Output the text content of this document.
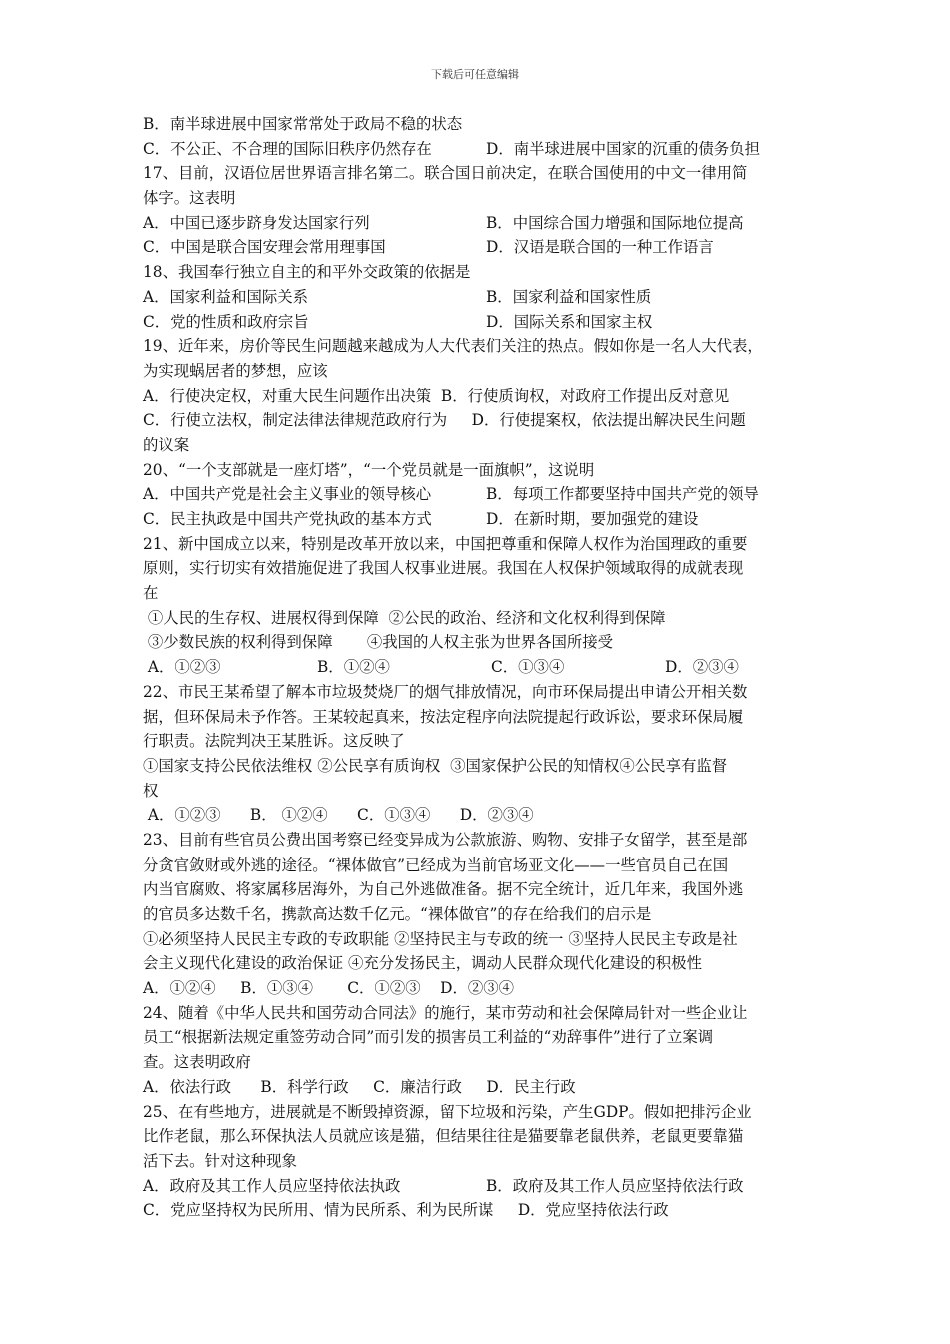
下载后可任意编辑
B．南半球进展中国家常常处于政局不稳的状态
C．不公正、不合理的国际旧秩序仍然存在	D．南半球进展中国家的沉重的债务负担
17、目前，汉语位居世界语言排名第二。联合国日前决定，在联合国使用的中文一律用简
体字。这表明
A．中国已逐步跻身发达国家行列	B．中国综合国力增强和国际地位提高
C．中国是联合国安理会常用理事国	D．汉语是联合国的一种工作语言
18、我国奉行独立自主的和平外交政策的依据是
A．国家利益和国际关系	B．国家利益和国家性质
C．党的性质和政府宗旨	D．国际关系和国家主权
19、近年来，房价等民生问题越来越成为人大代表们关注的热点。假如你是一名人大代表，
为实现蜗居者的梦想，应该
A．行使决定权，对重大民生问题作出决策  B．行使质询权，对政府工作提出反对意见
C．行使立法权，制定法律法律规范政府行为     D．行使提案权，依法提出解决民生问题
的议案
20、“一个支部就是一座灯塔”，“一个党员就是一面旗帜”，这说明
A．中国共产党是社会主义事业的领导核心	B．每项工作都要坚持中国共产党的领导
C．民主执政是中国共产党执政的基本方式	D．在新时期，要加强党的建设
21、新中国成立以来，特别是改革开放以来，中国把尊重和保障人权作为治国理政的重要
原则，实行切实有效措施促进了我国人权事业进展。我国在人权保护领域取得的成就表现
在
①人民的生存权、进展权得到保障  ②公民的政治、经济和文化权利得到保障
③少数民族的权利得到保障       ④我国的人权主张为世界各国所接受
A．①②③	B．①②④	C．①③④	D．②③④
22、市民王某希望了解本市垃圾焚烧厂的烟气排放情况，向市环保局提出申请公开相关数
据，但环保局未予作答。王某较起真来，按法定程序向法院提起行政诉讼，要求环保局履
行职责。法院判决王某胜诉。这反映了
①国家支持公民依法维权 ②公民享有质询权  ③国家保护公民的知情权④公民享有监督
权
A．①②③      B． ①②④      C．①③④      D．②③④
23、目前有些官员公费出国考察已经变异成为公款旅游、购物、安排子女留学，甚至是部
分贪官敛财或外逃的途径。“裸体做官”已经成为当前官场亚文化——一些官员自己在国
内当官腐败、将家属移居海外，为自己外逃做准备。据不完全统计，近几年来，我国外逃
的官员多达数千名，携款高达数千亿元。“裸体做官”的存在给我们的启示是
①必须坚持人民民主专政的专政职能 ②坚持民主与专政的统一 ③坚持人民民主专政是社
会主义现代化建设的政治保证 ④充分发扬民主，调动人民群众现代化建设的积极性
A．①②④     B．①③④       C．①②③    D．②③④
24、随着《中华人民共和国劳动合同法》的施行，某市劳动和社会保障局针对一些企业让
员工“根据新法规定重签劳动合同”而引发的损害员工利益的“劝辞事件”进行了立案调
查。这表明政府
A．依法行政      B．科学行政     C．廉洁行政     D．民主行政
25、在有些地方，进展就是不断毁掉资源，留下垃圾和污染，产生GDP。假如把排污企业
比作老鼠，那么环保执法人员就应该是猫，但结果往往是猫要靠老鼠供养，老鼠更要靠猫
活下去。针对这种现象
A．政府及其工作人员应坚持依法执政	B．政府及其工作人员应坚持依法行政
C．党应坚持权为民所用、情为民所系、利为民所谋     D．党应坚持依法行政
